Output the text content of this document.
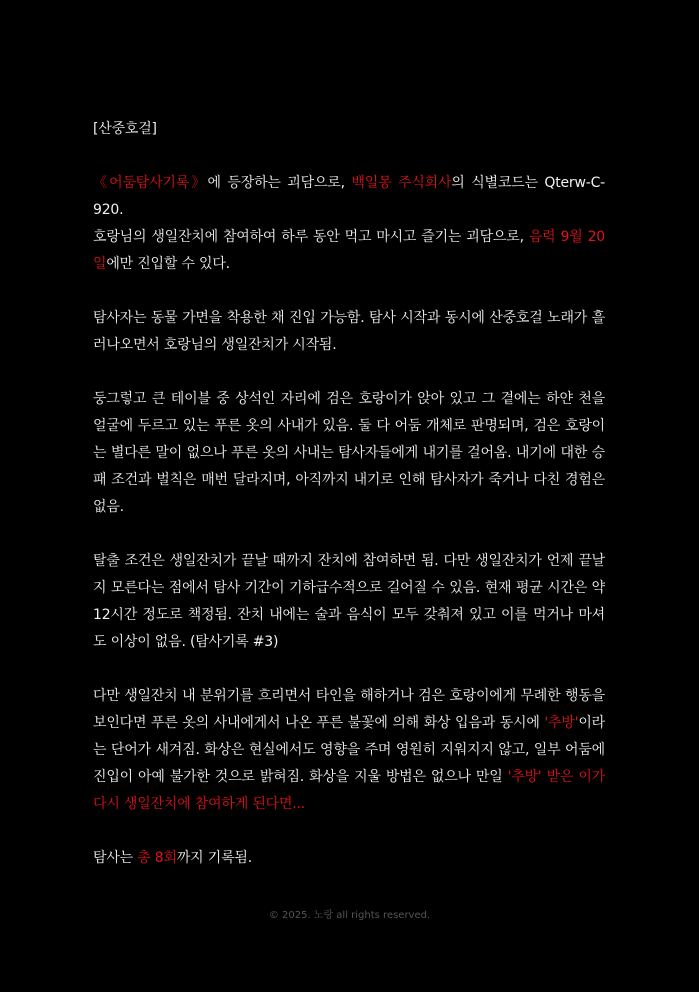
[산중호걸]

《어둠탐사기록》에 등장하는 괴담으로, 백일몽 주식회사의 식별코드는 Qterw-C-920.
호랑님의 생일잔치에 참여하여 하루 동안 먹고 마시고 즐기는 괴담으로, 음력 9월 20일에만 진입할 수 있다.

탐사자는 동물 가면을 착용한 채 진입 가능함. 탐사 시작과 동시에 산중호걸 노래가 흘러나오면서 호랑님의 생일잔치가 시작됨.

둥그렇고 큰 테이블 중 상석인 자리에 검은 호랑이가 앉아 있고 그 곁에는 하얀 천을 얼굴에 두르고 있는 푸른 옷의 사내가 있음. 둘 다 어둠 개체로 판명되며, 검은 호랑이는 별다른 말이 없으나 푸른 옷의 사내는 탐사자들에게 내기를 걸어옴. 내기에 대한 승패 조건과 벌칙은 매번 달라지며, 아직까지 내기로 인해 탐사자가 죽거나 다친 경험은 없음.

탈출 조건은 생일잔치가 끝날 때까지 잔치에 참여하면 됨. 다만 생일잔치가 언제 끝날지 모른다는 점에서 탐사 기간이 기하급수적으로 길어질 수 있음. 현재 평균 시간은 약 12시간 정도로 책정됨. 잔치 내에는 술과 음식이 모두 갖춰져 있고 이를 먹거나 마셔도 이상이 없음. (탐사기록 #3)

다만 생일잔치 내 분위기를 흐리면서 타인을 해하거나 검은 호랑이에게 무례한 행동을 보인다면 푸른 옷의 사내에게서 나온 푸른 불꽃에 의해 화상 입음과 동시에 '추방'이라는 단어가 새겨짐. 화상은 현실에서도 영향을 주며 영원히 지워지지 않고, 일부 어둠에 진입이 아예 불가한 것으로 밝혀짐. 화상을 지울 방법은 없으나 만일 '추방' 받은 이가 다시 생일잔치에 참여하게 된다면...

탐사는 총 8회까지 기록됨.

© 2025. 노랑 all rights reserved.
